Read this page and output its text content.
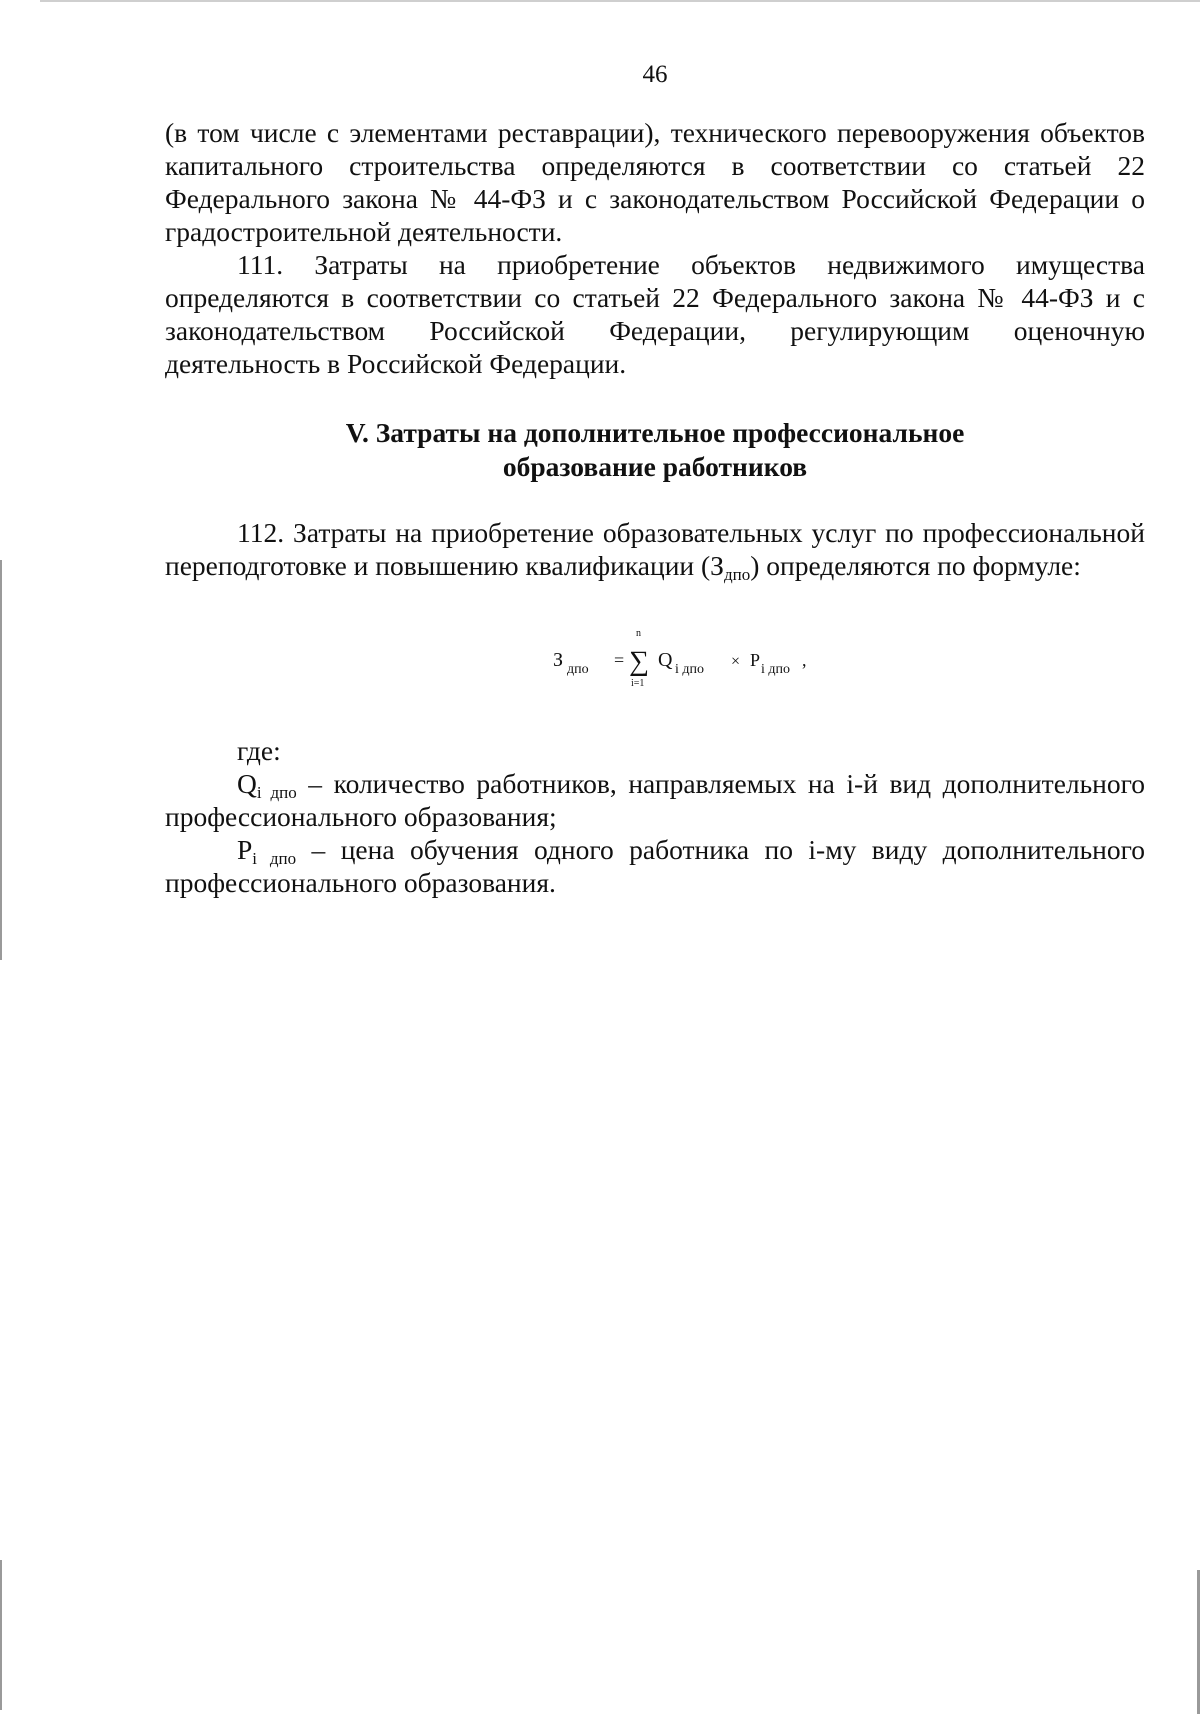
46

(в том числе с элементами реставрации), технического перевооружения объектов капитального строительства определяются в соответствии со статьей 22 Федерального закона № 44-ФЗ и с законодательством Российской Федерации о градостроительной деятельности.

111. Затраты на приобретение объектов недвижимого имущества определяются в соответствии со статьей 22 Федерального закона № 44-ФЗ и с законодательством Российской Федерации, регулирующим оценочную деятельность в Российской Федерации.

V. Затраты на дополнительное профессиональное
образование работников

112. Затраты на приобретение образовательных услуг по профессиональной переподготовке и повышению квалификации $(З_{дпо})$ определяются по формуле:

З дпо =
n
∑
i=1
Q i дпо × P i дпо ,

где:

$Q_{i дпо}$ – количество работников, направляемых на i-й вид дополнительного профессионального образования;

$P_{i дпо}$ – цена обучения одного работника по i-му виду дополнительного профессионального образования.
